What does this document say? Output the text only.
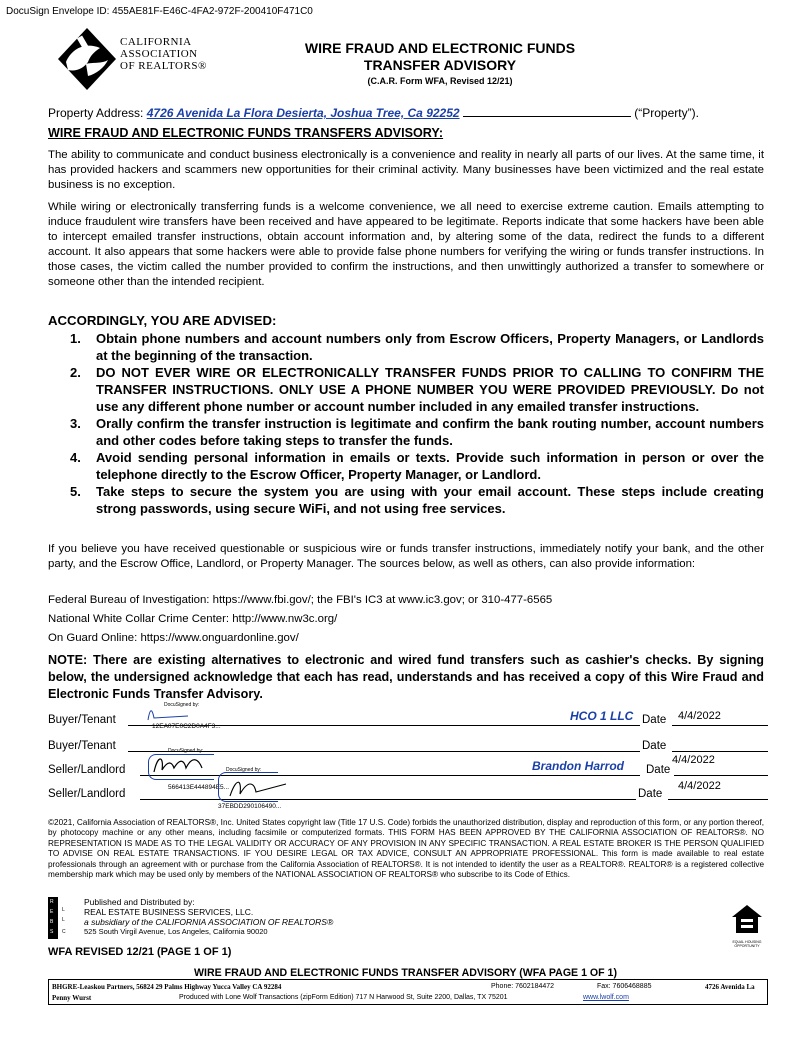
DocuSign Envelope ID: 455AE81F-E46C-4FA2-972F-200410F471C0
CALIFORNIA
ASSOCIATION
OF REALTORS®
WIRE FRAUD AND ELECTRONIC FUNDS
TRANSFER ADVISORY
(C.A.R. Form WFA, Revised 12/21)
Property Address: 4726 Avenida La Flora Desierta, Joshua Tree, Ca 92252	(“Property”).
WIRE FRAUD AND ELECTRONIC FUNDS TRANSFERS ADVISORY:

The ability to communicate and conduct business electronically is a convenience and reality in nearly all parts of our lives. At the same time, it has provided hackers and scammers new opportunities for their criminal activity. Many businesses have been victimized and the real estate business is no exception.

While wiring or electronically transferring funds is a welcome convenience, we all need to exercise extreme caution. Emails attempting to induce fraudulent wire transfers have been received and have appeared to be legitimate. Reports indicate that some hackers have been able to intercept emailed transfer instructions, obtain account information and, by altering some of the data, redirect the funds to a different account. It also appears that some hackers were able to provide false phone numbers for verifying the wiring or funds transfer instructions. In those cases, the victim called the number provided to confirm the instructions, and then unwittingly authorized a transfer to somewhere or someone other than the intended recipient.

ACCORDINGLY, YOU ARE ADVISED:
1.	Obtain phone numbers and account numbers only from Escrow Officers, Property Managers, or Landlords at the beginning of the transaction.
2.	DO NOT EVER WIRE OR ELECTRONICALLY TRANSFER FUNDS PRIOR TO CALLING TO CONFIRM THE TRANSFER INSTRUCTIONS. ONLY USE A PHONE NUMBER YOU WERE PROVIDED PREVIOUSLY. Do not use any different phone number or account number included in any emailed transfer instructions.
3.	Orally confirm the transfer instruction is legitimate and confirm the bank routing number, account numbers and other codes before taking steps to transfer the funds.
4.	Avoid sending personal information in emails or texts. Provide such information in person or over the telephone directly to the Escrow Officer, Property Manager, or Landlord.
5.	Take steps to secure the system you are using with your email account. These steps include creating strong passwords, using secure WiFi, and not using free services.

If you believe you have received questionable or suspicious wire or funds transfer instructions, immediately notify your bank, and the other party, and the Escrow Office, Landlord, or Property Manager. The sources below, as well as others, can also provide information:

Federal Bureau of Investigation: https://www.fbi.gov/; the FBI's IC3 at www.ic3.gov; or 310-477-6565
National White Collar Crime Center: http://www.nw3c.org/
On Guard Online: https://www.onguardonline.gov/

NOTE: There are existing alternatives to electronic and wired fund transfers such as cashier's checks. By signing below, the undersigned acknowledge that each has read, understands and has received a copy of this Wire Fraud and Electronic Funds Transfer Advisory.

Buyer/Tenant
DocuSigned by:
12EA07E0C2D0A4F3...
HCO 1 LLC Date 4/4/2022
Buyer/Tenant	Date
Seller/Landlord
DocuSigned by:
566413E444894E5...
Brandon Harrod Date
4/4/2022
Seller/Landlord
DocuSigned by:
37EBDD290106490...
Date
4/4/2022

©2021, California Association of REALTORS®, Inc. United States copyright law (Title 17 U.S. Code) forbids the unauthorized distribution, display and reproduction of this form, or any portion thereof, by photocopy machine or any other means, including facsimile or computerized formats. THIS FORM HAS BEEN APPROVED BY THE CALIFORNIA ASSOCIATION OF REALTORS®. NO REPRESENTATION IS MADE AS TO THE LEGAL VALIDITY OR ACCURACY OF ANY PROVISION IN ANY SPECIFIC TRANSACTION. A REAL ESTATE BROKER IS THE PERSON QUALIFIED TO ADVISE ON REAL ESTATE TRANSACTIONS. IF YOU DESIRE LEGAL OR TAX ADVICE, CONSULT AN APPROPRIATE PROFESSIONAL. This form is made available to real estate professionals through an agreement with or purchase from the California Association of REALTORS®. It is not intended to identify the user as a REALTOR®. REALTOR® is a registered collective membership mark which may be used only by members of the NATIONAL ASSOCIATION OF REALTORS® who subscribe to its Code of Ethics.

R
E
B
S
L
L
C
Published and Distributed by:
REAL ESTATE BUSINESS SERVICES, LLC.
a subsidiary of the CALIFORNIA ASSOCIATION OF REALTORS®
525 South Virgil Avenue, Los Angeles, California 90020
EQUAL HOUSING OPPORTUNITY
WFA REVISED 12/21 (PAGE 1 OF 1)
WIRE FRAUD AND ELECTRONIC FUNDS TRANSFER ADVISORY (WFA PAGE 1 OF 1)
BHGRE-Leaskou Partners, 56824 29 Palms Highway Yucca Valley CA 92284	Phone: 7602184472	Fax: 7606468885	4726 Avenida La
Penny Wurst	Produced with Lone Wolf Transactions (zipForm Edition) 717 N Harwood St, Suite 2200, Dallas, TX 75201	www.lwolf.com
